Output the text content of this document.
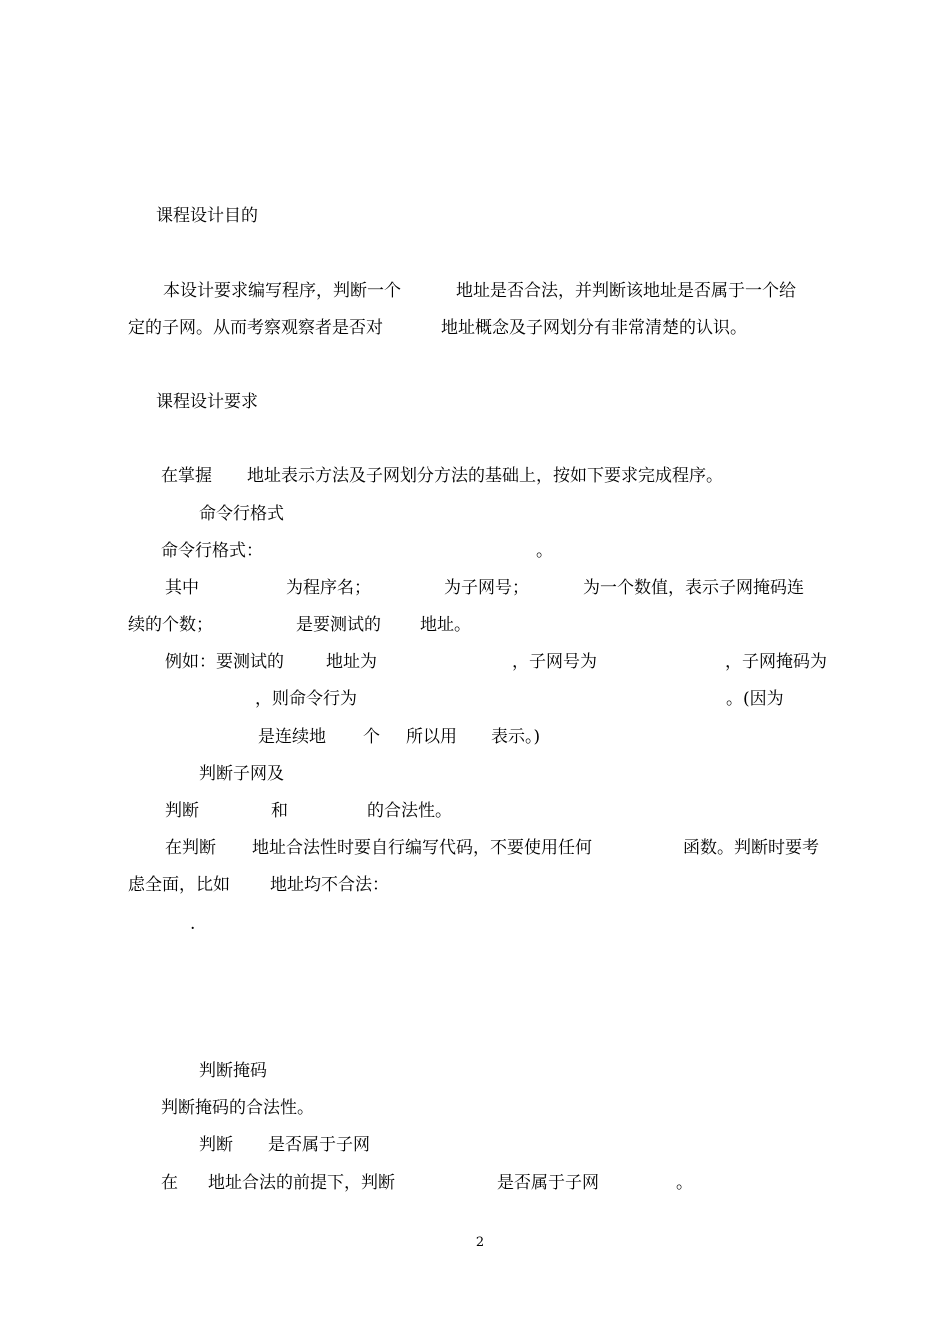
课程设计目的
本设计要求编写程序，判断一个	地址是否合法，并判断该地址是否属于一个给
定的子网。从而考察观察者是否对	地址概念及子网划分有非常清楚的认识。
课程设计要求
在掌握 地址表示方法及子网划分方法的基础上，按如下要求完成程序。
命令行格式
命令行格式：	。
其中	为程序名；	为子网号；	为一个数值，表示子网掩码连
续的个数；	是要测试的 地址。
例如：要测试的 地址为	，子网号为	，子网掩码为
，则命令行为	。(因为
是连续地 个 所以用 表示。)
判断子网及
判断	和	的合法性。
在判断 地址合法性时要自行编写代码，不要使用任何	函数。判断时要考
虑全面，比如 地址均不合法：
.
判断掩码
判断掩码的合法性。
判断 是否属于子网
在 地址合法的前提下，判断	是否属于子网	。
2
